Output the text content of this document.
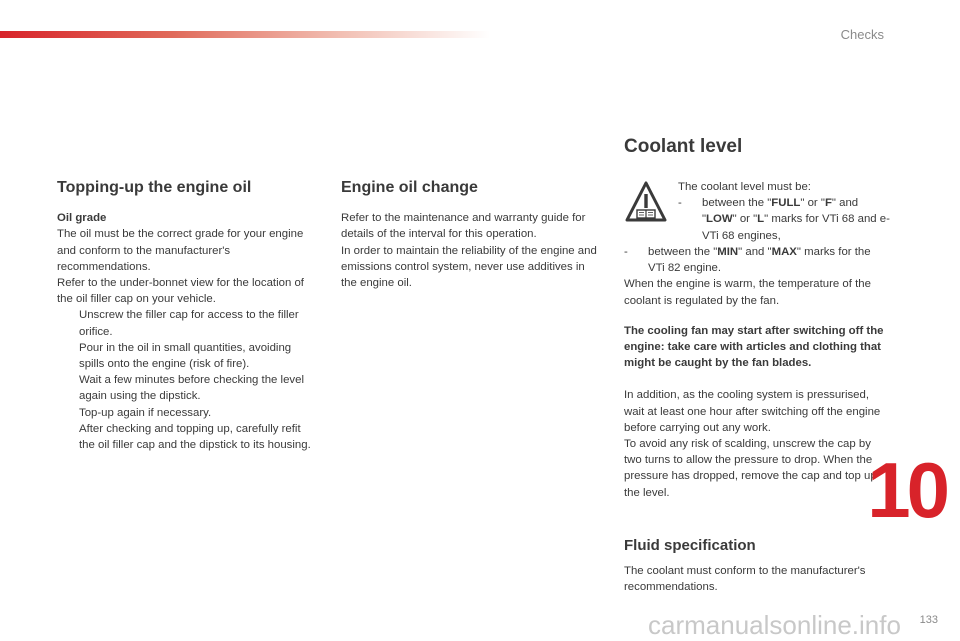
Checks
Topping-up the engine oil

Oil grade

The oil must be the correct grade for your engine and conform to the manufacturer's recommendations.

Refer to the under-bonnet view for the location of the oil filler cap on your vehicle.

Unscrew the filler cap for access to the filler orifice.
Pour in the oil in small quantities, avoiding spills onto the engine (risk of fire).
Wait a few minutes before checking the level again using the dipstick.
Top-up again if necessary.
After checking and topping up, carefully refit the oil filler cap and the dipstick to its housing.
Engine oil change

Refer to the maintenance and warranty guide for details of the interval for this operation.

In order to maintain the reliability of the engine and emissions control system, never use additives in the engine oil.

Coolant level

The coolant level must be:

- between the "FULL" or "F" and "LOW" or "L" marks for VTi 68 and e-VTi 68 engines,

- between the "MIN" and "MAX" marks for the VTi 82 engine.

When the engine is warm, the temperature of the coolant is regulated by the fan.

The cooling fan may start after switching off the engine: take care with articles and clothing that might be caught by the fan blades.

In addition, as the cooling system is pressurised, wait at least one hour after switching off the engine before carrying out any work.

To avoid any risk of scalding, unscrew the cap by two turns to allow the pressure to drop. When the pressure has dropped, remove the cap and top up the level.

Fluid specification

The coolant must conform to the manufacturer's recommendations.

10
133
carmanualsonline.info
